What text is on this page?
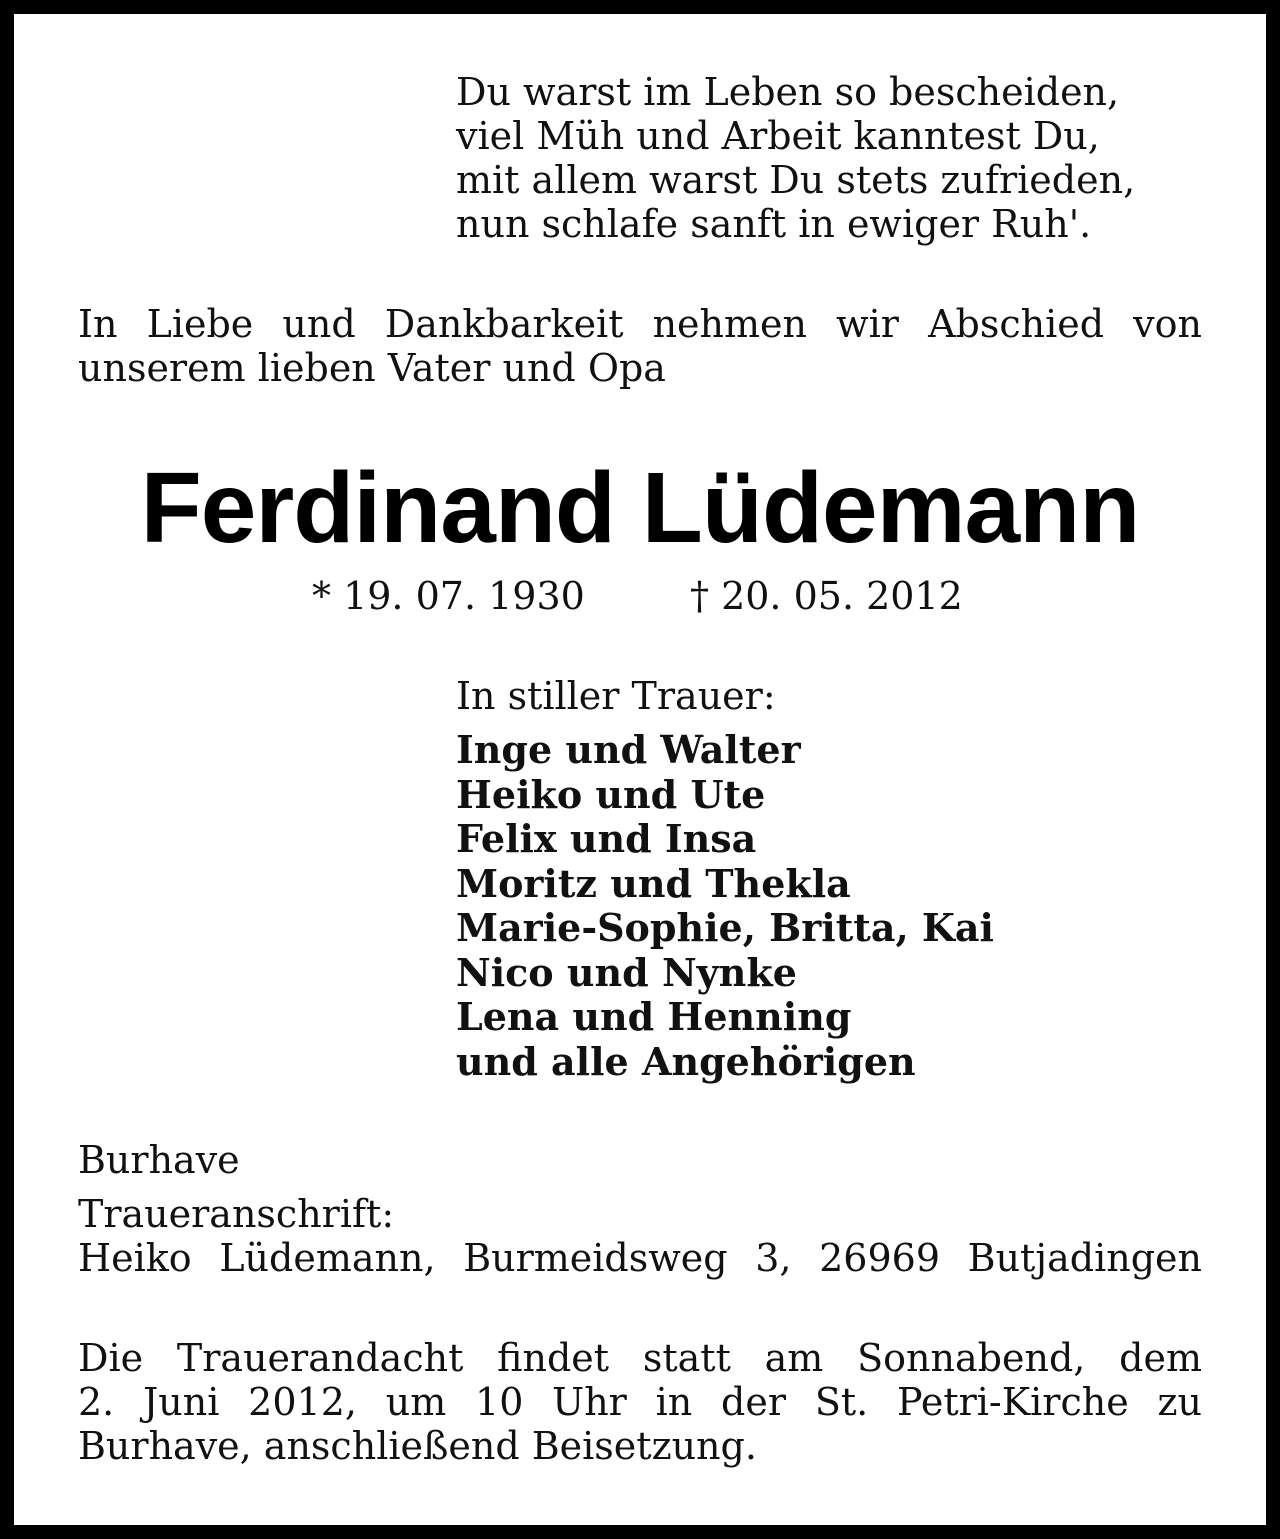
Du warst im Leben so bescheiden,
viel Müh und Arbeit kanntest Du,
mit allem warst Du stets zufrieden,
nun schlafe sanft in ewiger Ruh'.
In Liebe und Dankbarkeit nehmen wir Abschied von
unserem lieben Vater und Opa
Ferdinand Lüdemann
* 19. 07. 1930	† 20. 05. 2012
In stiller Trauer:
Inge und Walter
Heiko und Ute
Felix und Insa
Moritz und Thekla
Marie-Sophie, Britta, Kai
Nico und Nynke
Lena und Henning
und alle Angehörigen
Burhave
Traueranschrift:
Heiko Lüdemann, Burmeidsweg 3, 26969 Butjadingen
Die Trauerandacht findet statt am Sonnabend, dem
2. Juni 2012, um 10 Uhr in der St. Petri-Kirche zu
Burhave, anschließend Beisetzung.
